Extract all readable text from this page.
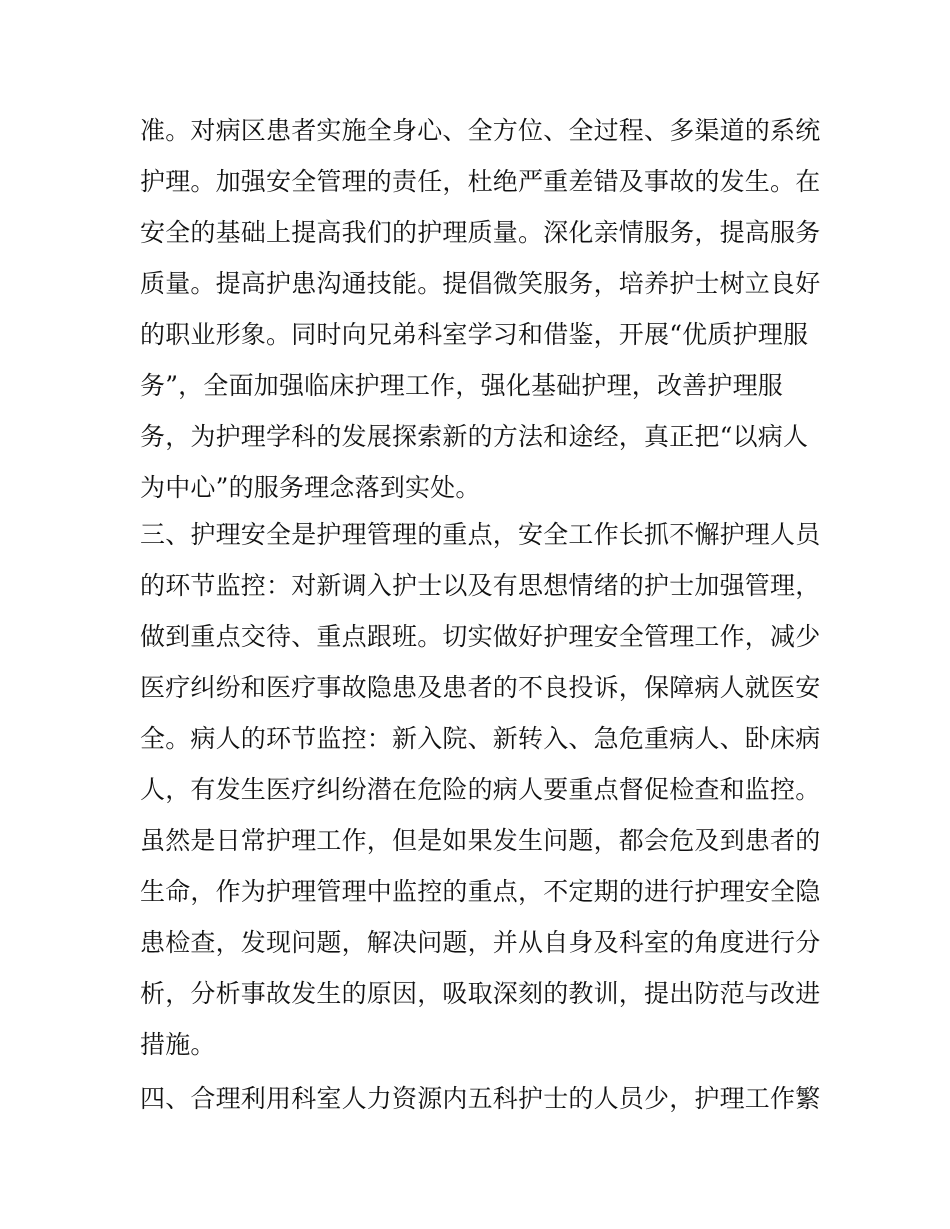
准。对病区患者实施全身心、全方位、全过程、多渠道的系统
护理。加强安全管理的责任，杜绝严重差错及事故的发生。在
安全的基础上提高我们的护理质量。深化亲情服务，提高服务
质量。提高护患沟通技能。提倡微笑服务，培养护士树立良好
的职业形象。同时向兄弟科室学习和借鉴，开展“优质护理服
务”，全面加强临床护理工作，强化基础护理，改善护理服
务，为护理学科的发展探索新的方法和途经，真正把“以病人
为中心”的服务理念落到实处。
三、护理安全是护理管理的重点，安全工作长抓不懈护理人员
的环节监控：对新调入护士以及有思想情绪的护士加强管理，
做到重点交待、重点跟班。切实做好护理安全管理工作，减少
医疗纠纷和医疗事故隐患及患者的不良投诉，保障病人就医安
全。病人的环节监控：新入院、新转入、急危重病人、卧床病
人，有发生医疗纠纷潜在危险的病人要重点督促检查和监控。
虽然是日常护理工作，但是如果发生问题，都会危及到患者的
生命，作为护理管理中监控的重点，不定期的进行护理安全隐
患检查，发现问题，解决问题，并从自身及科室的角度进行分
析，分析事故发生的原因，吸取深刻的教训，提出防范与改进
措施。
四、合理利用科室人力资源内五科护士的人员少，护理工作繁
